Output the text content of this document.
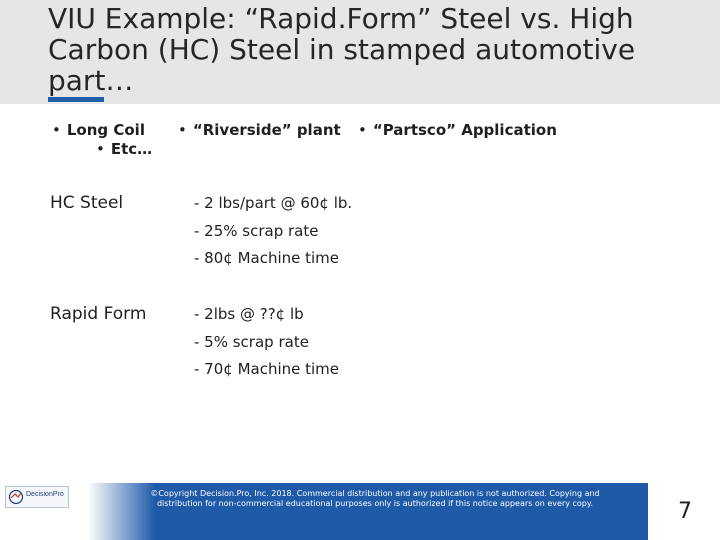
VIU Example: “Rapid.Form” Steel vs. High Carbon (HC) Steel in stamped automotive part…
• Long Coil • “Riverside” plant • “Partsco” Application
• Etc…
HC Steel	- 2 lbs/part @ 60¢ lb.
- 25% scrap rate
- 80¢ Machine time
Rapid Form	- 2lbs @ ??¢ lb
- 5% scrap rate
- 70¢ Machine time
DecisionPro	©Copyright Decision.Pro, Inc. 2018. Commercial distribution and any publication is not authorized. Copying and distribution for non-commercial educational purposes only is authorized if this notice appears on every copy.	7
